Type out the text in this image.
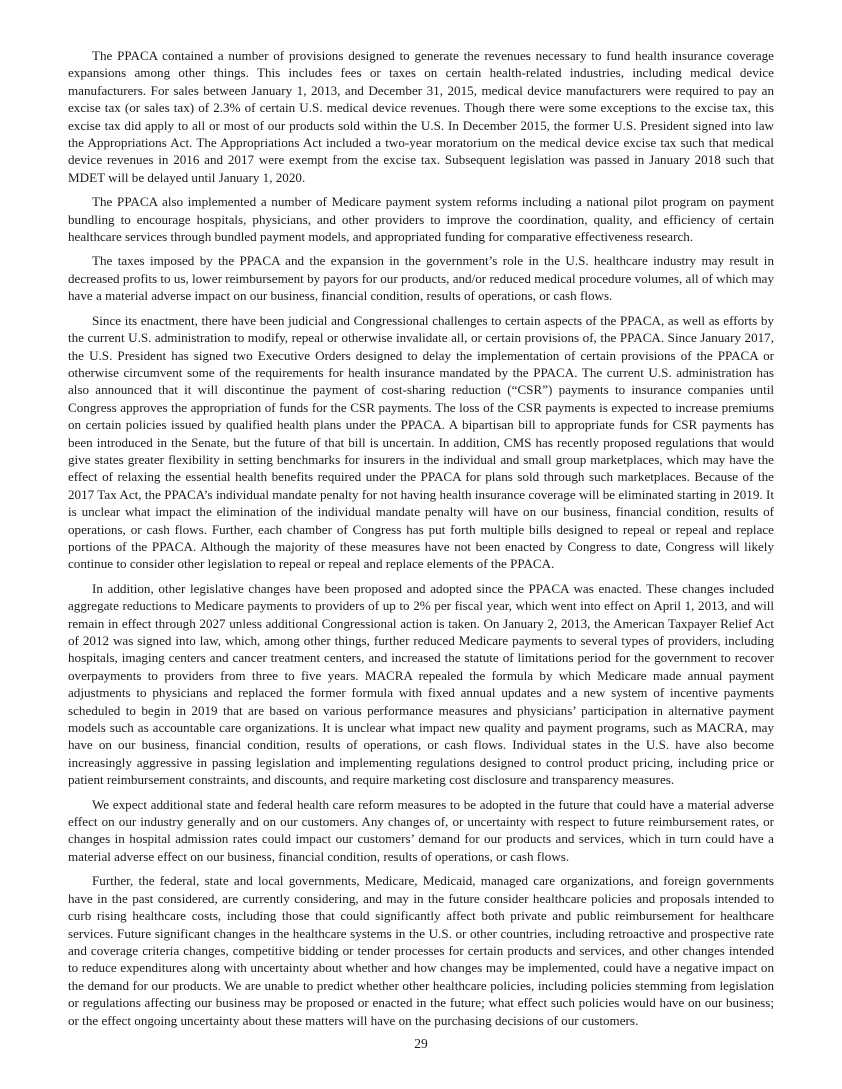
The PPACA contained a number of provisions designed to generate the revenues necessary to fund health insurance coverage expansions among other things. This includes fees or taxes on certain health-related industries, including medical device manufacturers. For sales between January 1, 2013, and December 31, 2015, medical device manufacturers were required to pay an excise tax (or sales tax) of 2.3% of certain U.S. medical device revenues. Though there were some exceptions to the excise tax, this excise tax did apply to all or most of our products sold within the U.S. In December 2015, the former U.S. President signed into law the Appropriations Act. The Appropriations Act included a two-year moratorium on the medical device excise tax such that medical device revenues in 2016 and 2017 were exempt from the excise tax. Subsequent legislation was passed in January 2018 such that MDET will be delayed until January 1, 2020.

The PPACA also implemented a number of Medicare payment system reforms including a national pilot program on payment bundling to encourage hospitals, physicians, and other providers to improve the coordination, quality, and efficiency of certain healthcare services through bundled payment models, and appropriated funding for comparative effectiveness research.

The taxes imposed by the PPACA and the expansion in the government’s role in the U.S. healthcare industry may result in decreased profits to us, lower reimbursement by payors for our products, and/or reduced medical procedure volumes, all of which may have a material adverse impact on our business, financial condition, results of operations, or cash flows.

Since its enactment, there have been judicial and Congressional challenges to certain aspects of the PPACA, as well as efforts by the current U.S. administration to modify, repeal or otherwise invalidate all, or certain provisions of, the PPACA. Since January 2017, the U.S. President has signed two Executive Orders designed to delay the implementation of certain provisions of the PPACA or otherwise circumvent some of the requirements for health insurance mandated by the PPACA. The current U.S. administration has also announced that it will discontinue the payment of cost-sharing reduction (“CSR”) payments to insurance companies until Congress approves the appropriation of funds for the CSR payments. The loss of the CSR payments is expected to increase premiums on certain policies issued by qualified health plans under the PPACA. A bipartisan bill to appropriate funds for CSR payments has been introduced in the Senate, but the future of that bill is uncertain. In addition, CMS has recently proposed regulations that would give states greater flexibility in setting benchmarks for insurers in the individual and small group marketplaces, which may have the effect of relaxing the essential health benefits required under the PPACA for plans sold through such marketplaces. Because of the 2017 Tax Act, the PPACA’s individual mandate penalty for not having health insurance coverage will be eliminated starting in 2019. It is unclear what impact the elimination of the individual mandate penalty will have on our business, financial condition, results of operations, or cash flows. Further, each chamber of Congress has put forth multiple bills designed to repeal or repeal and replace portions of the PPACA. Although the majority of these measures have not been enacted by Congress to date, Congress will likely continue to consider other legislation to repeal or repeal and replace elements of the PPACA.

In addition, other legislative changes have been proposed and adopted since the PPACA was enacted. These changes included aggregate reductions to Medicare payments to providers of up to 2% per fiscal year, which went into effect on April 1, 2013, and will remain in effect through 2027 unless additional Congressional action is taken. On January 2, 2013, the American Taxpayer Relief Act of 2012 was signed into law, which, among other things, further reduced Medicare payments to several types of providers, including hospitals, imaging centers and cancer treatment centers, and increased the statute of limitations period for the government to recover overpayments to providers from three to five years. MACRA repealed the formula by which Medicare made annual payment adjustments to physicians and replaced the former formula with fixed annual updates and a new system of incentive payments scheduled to begin in 2019 that are based on various performance measures and physicians’ participation in alternative payment models such as accountable care organizations. It is unclear what impact new quality and payment programs, such as MACRA, may have on our business, financial condition, results of operations, or cash flows. Individual states in the U.S. have also become increasingly aggressive in passing legislation and implementing regulations designed to control product pricing, including price or patient reimbursement constraints, and discounts, and require marketing cost disclosure and transparency measures.

We expect additional state and federal health care reform measures to be adopted in the future that could have a material adverse effect on our industry generally and on our customers. Any changes of, or uncertainty with respect to future reimbursement rates, or changes in hospital admission rates could impact our customers’ demand for our products and services, which in turn could have a material adverse effect on our business, financial condition, results of operations, or cash flows.

Further, the federal, state and local governments, Medicare, Medicaid, managed care organizations, and foreign governments have in the past considered, are currently considering, and may in the future consider healthcare policies and proposals intended to curb rising healthcare costs, including those that could significantly affect both private and public reimbursement for healthcare services. Future significant changes in the healthcare systems in the U.S. or other countries, including retroactive and prospective rate and coverage criteria changes, competitive bidding or tender processes for certain products and services, and other changes intended to reduce expenditures along with uncertainty about whether and how changes may be implemented, could have a negative impact on the demand for our products. We are unable to predict whether other healthcare policies, including policies stemming from legislation or regulations affecting our business may be proposed or enacted in the future; what effect such policies would have on our business; or the effect ongoing uncertainty about these matters will have on the purchasing decisions of our customers.

29
